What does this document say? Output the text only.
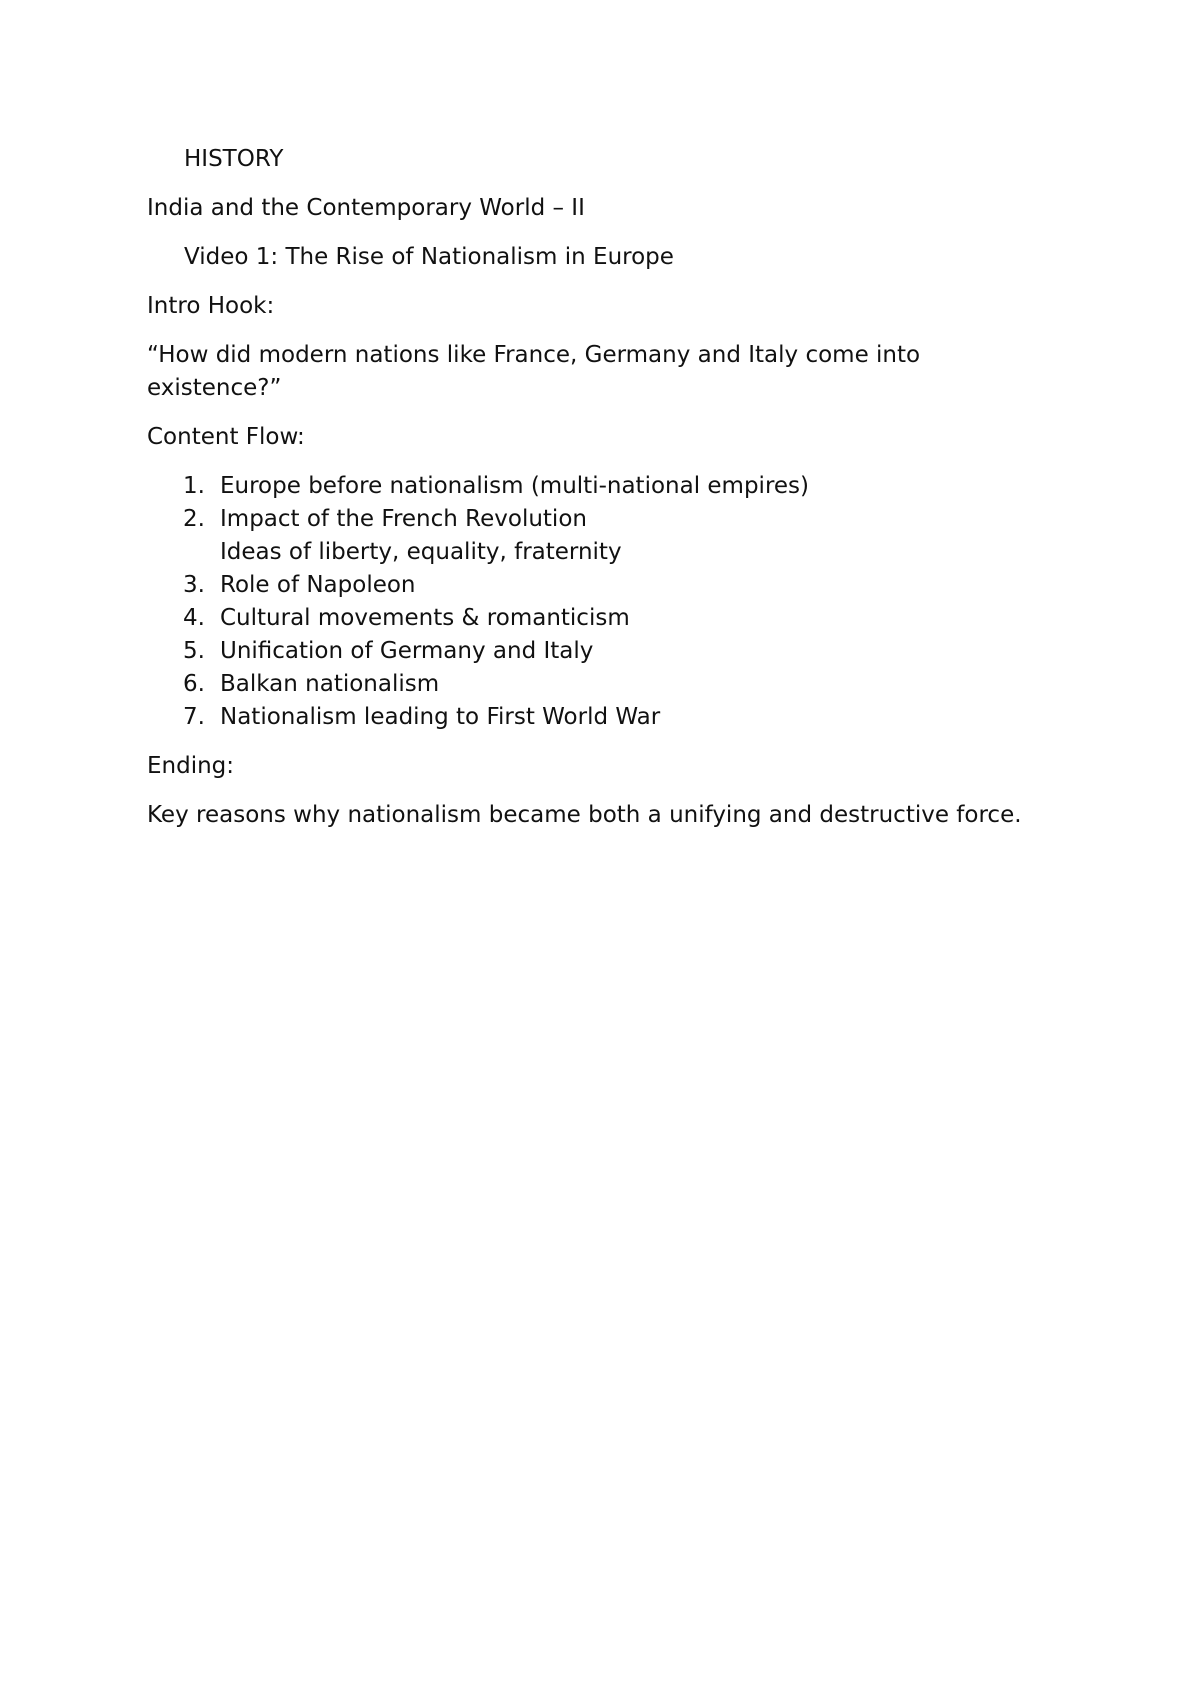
HISTORY

India and the Contemporary World – II

Video 1: The Rise of Nationalism in Europe

Intro Hook:

“How did modern nations like France, Germany and Italy come into existence?”

Content Flow:

1. Europe before nationalism (multi-national empires)
2. Impact of the French Revolution
Ideas of liberty, equality, fraternity
3. Role of Napoleon
4. Cultural movements & romanticism
5. Unification of Germany and Italy
6. Balkan nationalism
7. Nationalism leading to First World War

Ending:

Key reasons why nationalism became both a unifying and destructive force.
